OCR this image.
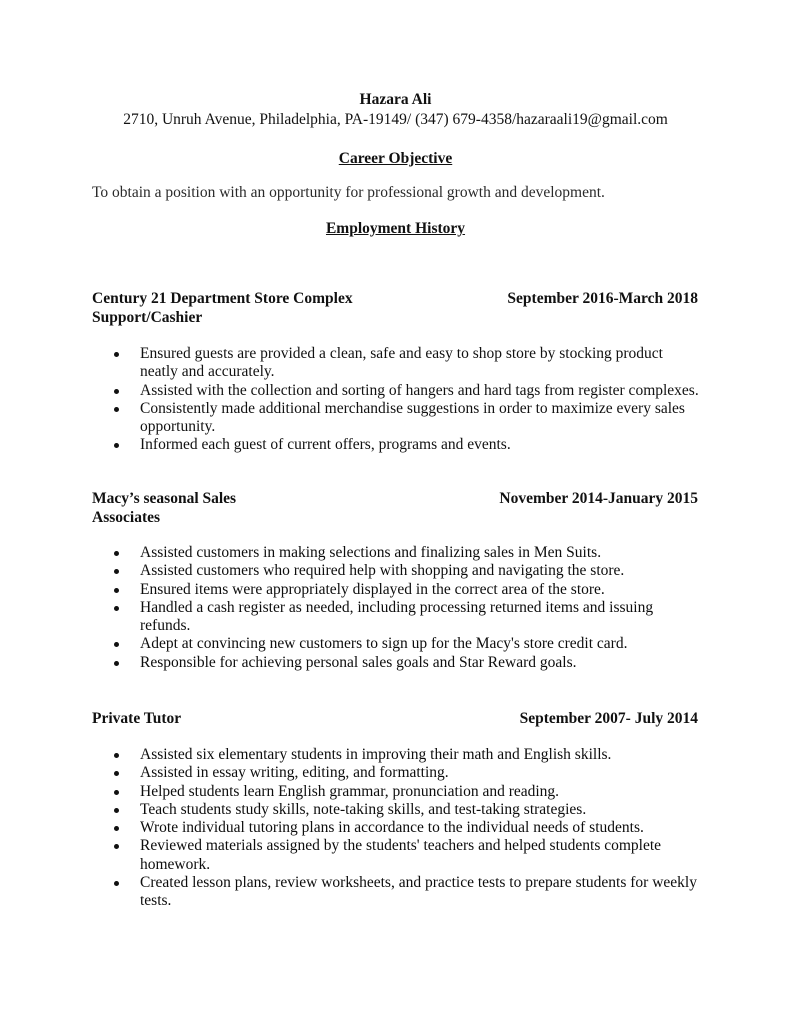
Hazara Ali
2710, Unruh Avenue, Philadelphia, PA-19149/ (347) 679-4358/hazaraali19@gmail.com
Career Objective
To obtain a position with an opportunity for professional growth and development.
Employment History
Century 21 Department Store Complex	September 2016-March 2018
Support/Cashier
Ensured guests are provided a clean, safe and easy to shop store by stocking product neatly and accurately.
Assisted with the collection and sorting of hangers and hard tags from register complexes.
Consistently made additional merchandise suggestions in order to maximize every sales opportunity.
Informed each guest of current offers, programs and events.
Macy’s seasonal Sales	November 2014-January 2015
Associates
Assisted customers in making selections and finalizing sales in Men Suits.
Assisted customers who required help with shopping and navigating the store.
Ensured items were appropriately displayed in the correct area of the store.
Handled a cash register as needed, including processing returned items and issuing refunds.
Adept at convincing new customers to sign up for the Macy's store credit card.
Responsible for achieving personal sales goals and Star Reward goals.
Private Tutor	September 2007- July 2014
Assisted six elementary students in improving their math and English skills.
Assisted in essay writing, editing, and formatting.
Helped students learn English grammar, pronunciation and reading.
Teach students study skills, note-taking skills, and test-taking strategies.
Wrote individual tutoring plans in accordance to the individual needs of students.
Reviewed materials assigned by the students' teachers and helped students complete homework.
Created lesson plans, review worksheets, and practice tests to prepare students for weekly tests.
